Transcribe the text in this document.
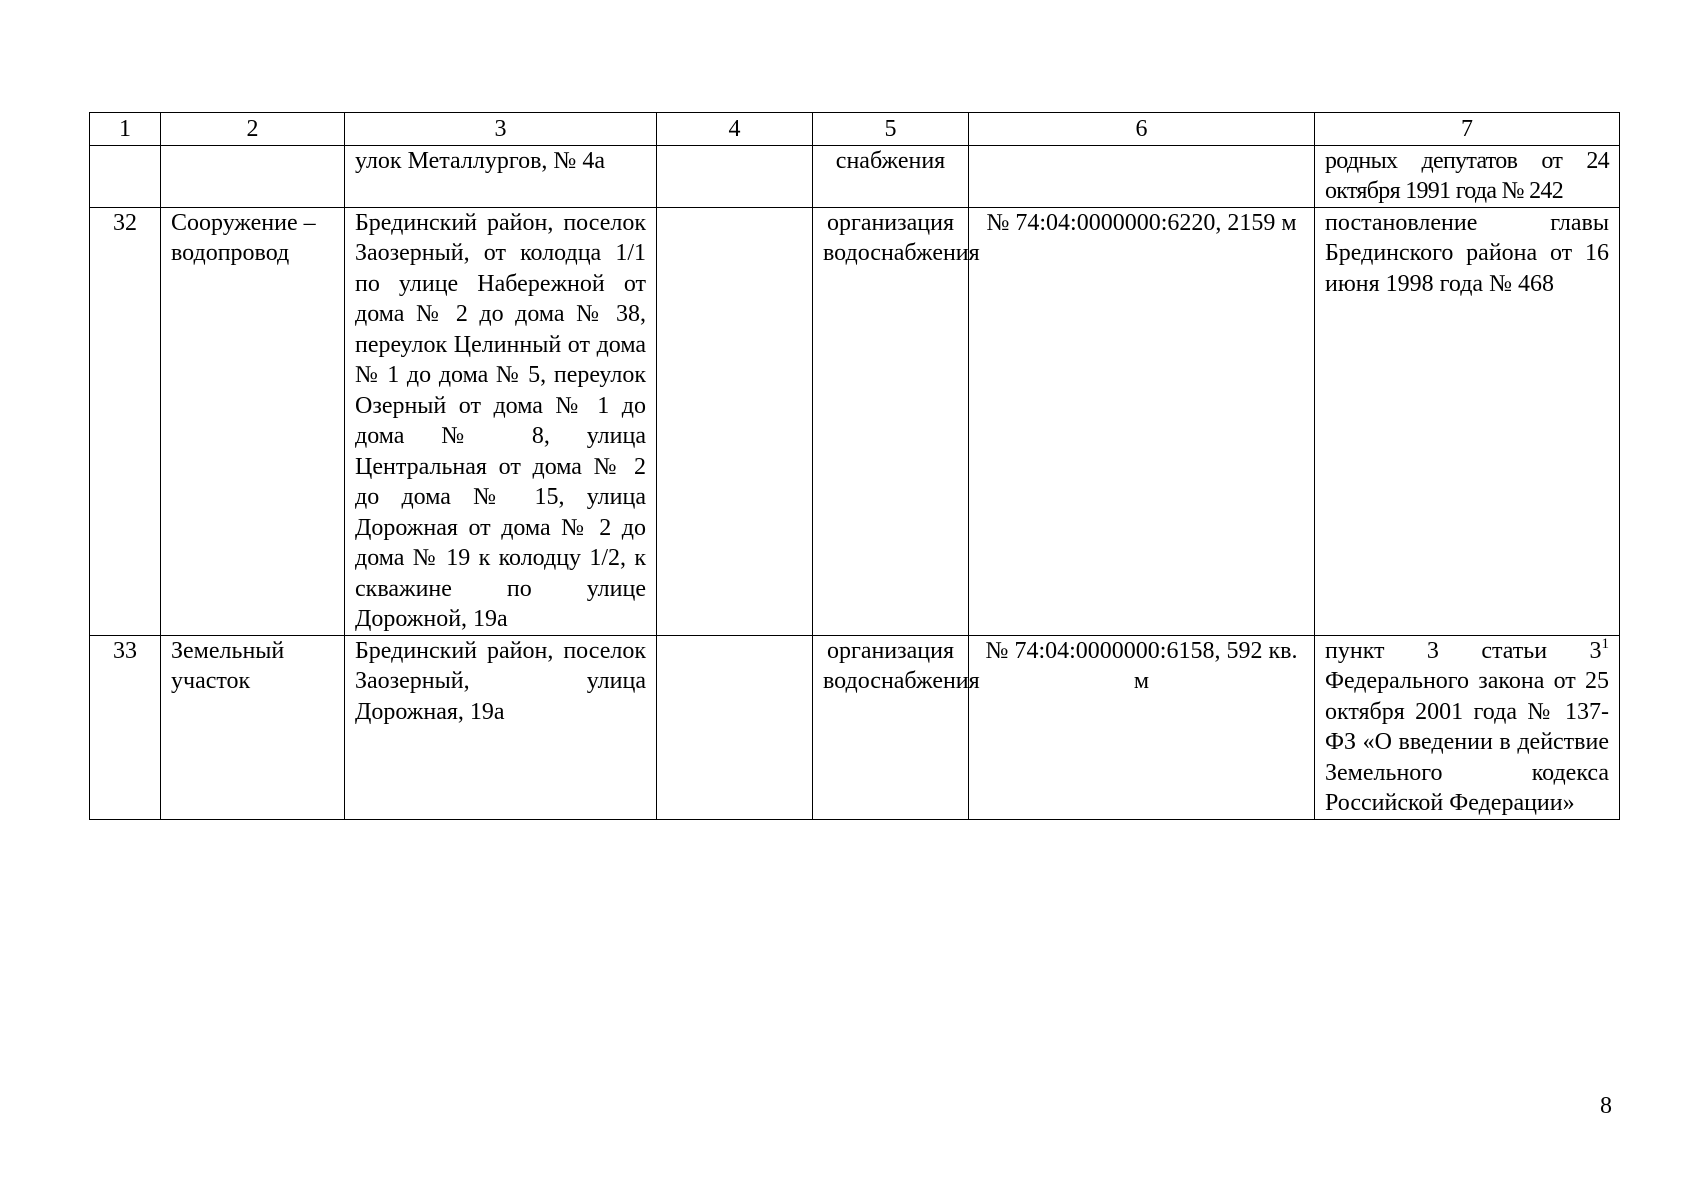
1	2	3	4	5	6	7
		улок Металлургов, № 4а		снабжения		родных депутатов от 24 октября 1991 года № 242
32	Сооружение – водопровод	Брединский район, поселок Заозерный, от колодца 1/1 по улице Набережной от дома № 2 до дома № 38, переулок Целинный от дома № 1 до дома № 5, переулок Озерный от дома № 1 до дома № 8, улица Центральная от дома № 2 до дома № 15, улица Дорожная от дома № 2 до дома № 19 к колодцу 1/2, к скважине по улице Дорожной, 19а		организация водоснабжения	№ 74:04:0000000:6220, 2159 м	постановление главы Брединского района от 16 июня 1998 года № 468
33	Земельный участок	Брединский район, поселок Заозерный, улица Дорожная, 19а		организация водоснабжения	№ 74:04:0000000:6158, 592 кв. м	пункт 3 статьи $3^1$ Федерального закона от 25 октября 2001 года № 137-ФЗ «О введении в действие Земельного кодекса Российской Федерации»
8
